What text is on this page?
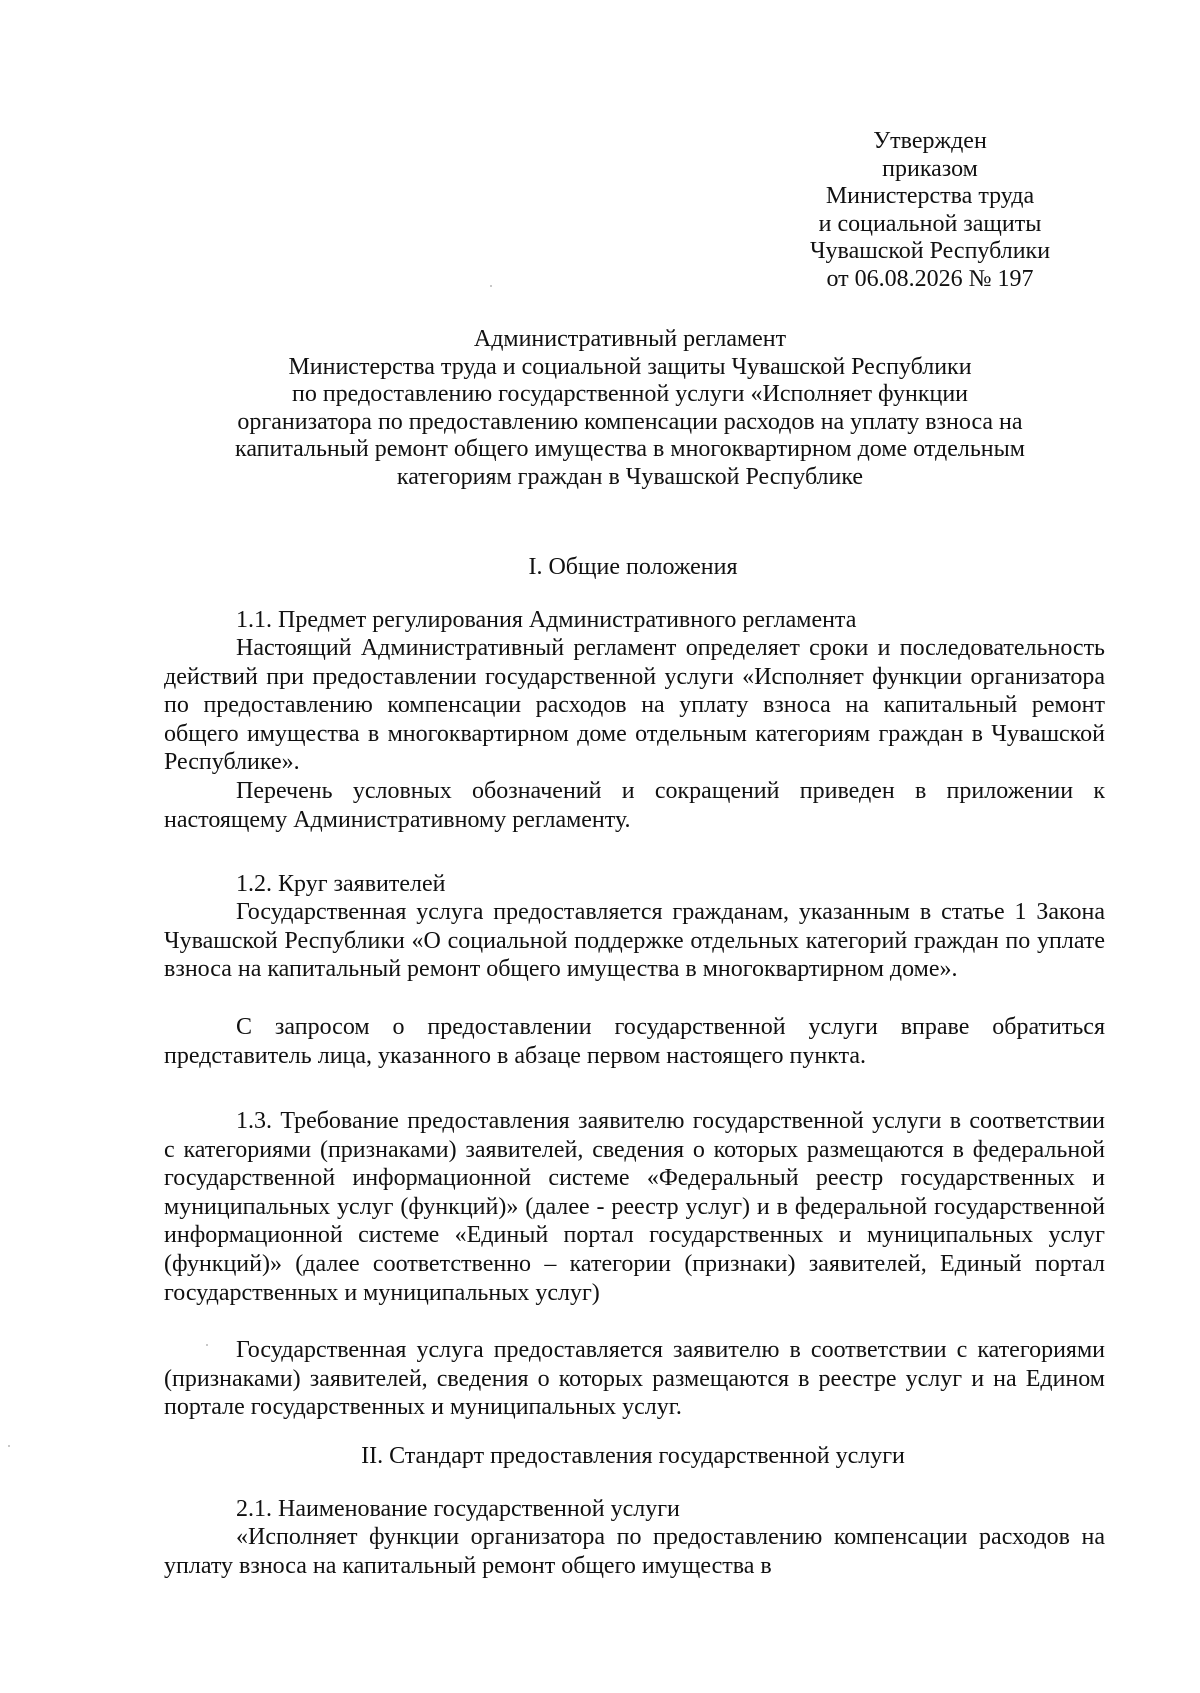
Утвержден
приказом
Министерства труда
и социальной защиты
Чувашской Республики
от 06.08.2026 № 197
Административный регламент
Министерства труда и социальной защиты Чувашской Республики
по предоставлению государственной услуги «Исполняет функции
организатора по предоставлению компенсации расходов на уплату взноса на
капитальный ремонт общего имущества в многоквартирном доме отдельным
категориям граждан в Чувашской Республике
I. Общие положения
1.1. Предмет регулирования Административного регламента

Настоящий Административный регламент определяет сроки и последовательность действий при предоставлении государственной услуги «Исполняет функции организатора по предоставлению компенсации расходов на уплату взноса на капитальный ремонт общего имущества в многоквартирном доме отдельным категориям граждан в Чувашской Республике».

Перечень условных обозначений и сокращений приведен в приложении к настоящему Административному регламенту.

1.2. Круг заявителей

Государственная услуга предоставляется гражданам, указанным в статье 1 Закона Чувашской Республики «О социальной поддержке отдельных категорий граждан по уплате взноса на капитальный ремонт общего имущества в многоквартирном доме».

С запросом о предоставлении государственной услуги вправе обратиться представитель лица, указанного в абзаце первом настоящего пункта.

1.3. Требование предоставления заявителю государственной услуги в соответствии с категориями (признаками) заявителей, сведения о которых размещаются в федеральной государственной информационной системе «Федеральный реестр государственных и муниципальных услуг (функций)» (далее - реестр услуг) и в федеральной государственной информационной системе «Единый портал государственных и муниципальных услуг (функций)» (далее соответственно – категории (признаки) заявителей, Единый портал государственных и муниципальных услуг)

Государственная услуга предоставляется заявителю в соответствии с категориями (признаками) заявителей, сведения о которых размещаются в реестре услуг и на Едином портале государственных и муниципальных услуг.

II. Стандарт предоставления государственной услуги
2.1. Наименование государственной услуги

«Исполняет функции организатора по предоставлению компенсации расходов на уплату взноса на капитальный ремонт общего имущества в
